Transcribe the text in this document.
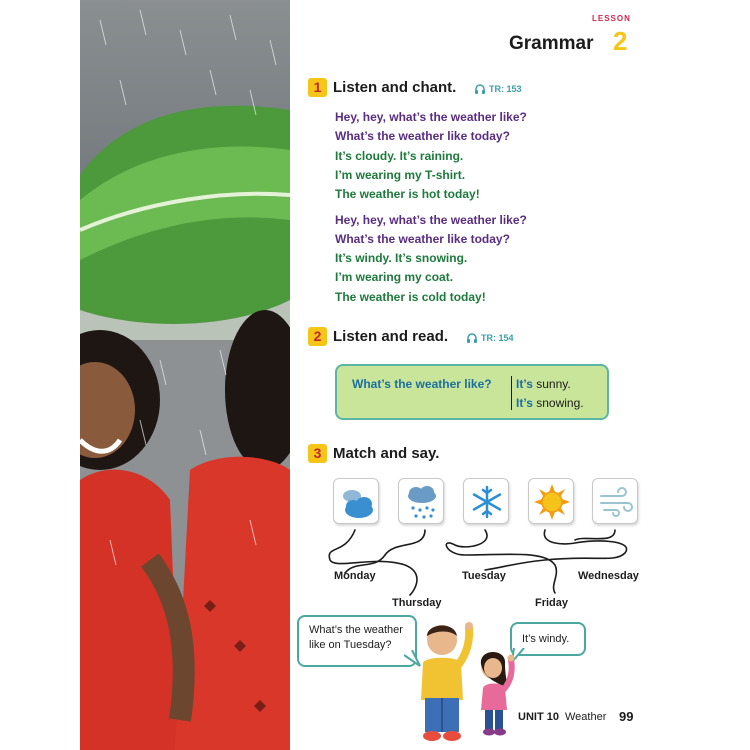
Grammar
LESSON
2
1 Listen and chant.	TR: 153
Hey, hey, what’s the weather like?
What’s the weather like today?
It’s cloudy. It’s raining.
I’m wearing my T-shirt.
The weather is hot today!
Hey, hey, what’s the weather like?
What’s the weather like today?
It’s windy. It’s snowing.
I’m wearing my coat.
The weather is cold today!
2 Listen and read.	TR: 154
What’s the weather like? It’s sunny.
It’s snowing.
3 Match and say.
Monday
Thursday
Tuesday
Friday
Wednesday
What’s the weather
like on Tuesday?	It’s windy.
UNIT 10 Weather 99
